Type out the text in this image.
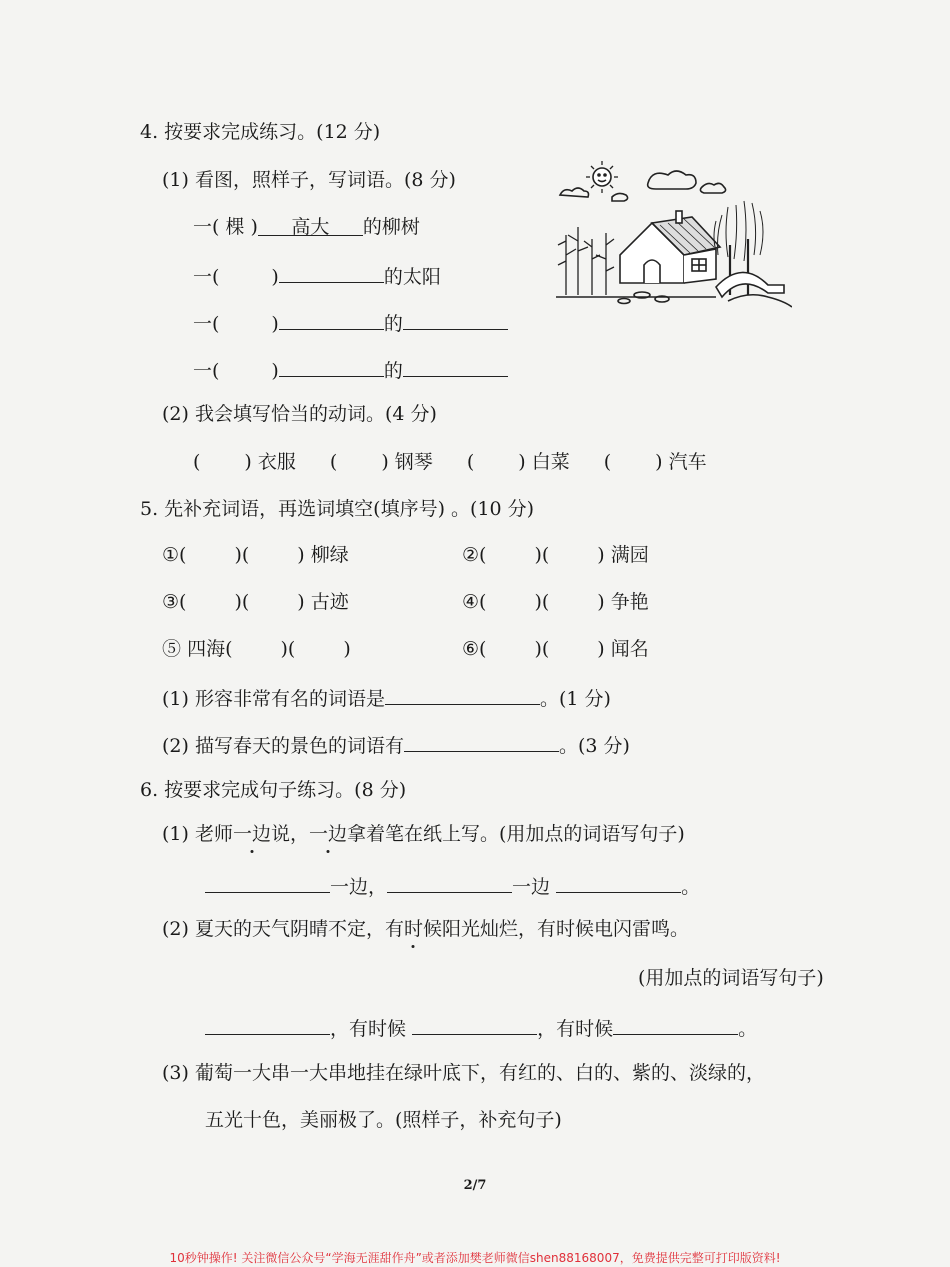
4. 按要求完成练习。(12 分)
(1) 看图，照样子，写词语。(8 分)
一( 棵 ) 高大 的柳树
一(	)	的太阳
一(	)	的
一(	)	的
(2) 我会填写恰当的动词。(4 分)
( ) 衣服 ( ) 钢琴 ( ) 白菜 ( ) 汽车
5. 先补充词语，再选词填空(填序号) 。(10 分)
①(	)(	) 柳绿	②(	)(	) 满园
③(	)(	) 古迹	④(	)(	) 争艳
⑤ 四海(	)(	)	⑥(	)(	) 闻名
(1) 形容非常有名的词语是	。(1 分)
(2) 描写春天的景色的词语有	。(3 分)
6. 按要求完成句子练习。(8 分)
(1) 老师一边说，一边拿着笔在纸上写。(用加点的词语写句子)
一边，	一边	。
(2) 夏天的天气阴晴不定，有时候阳光灿烂，有时候电闪雷鸣。
(用加点的词语写句子)
，有时候	，有时候	。
(3) 葡萄一大串一大串地挂在绿叶底下，有红的、白的、紫的、淡绿的，
五光十色，美丽极了。(照样子，补充句子)
2/7
10秒钟操作! 关注微信公众号“学海无涯甜作舟”或者添加樊老师微信shen88168007，免费提供完整可打印版资料!
